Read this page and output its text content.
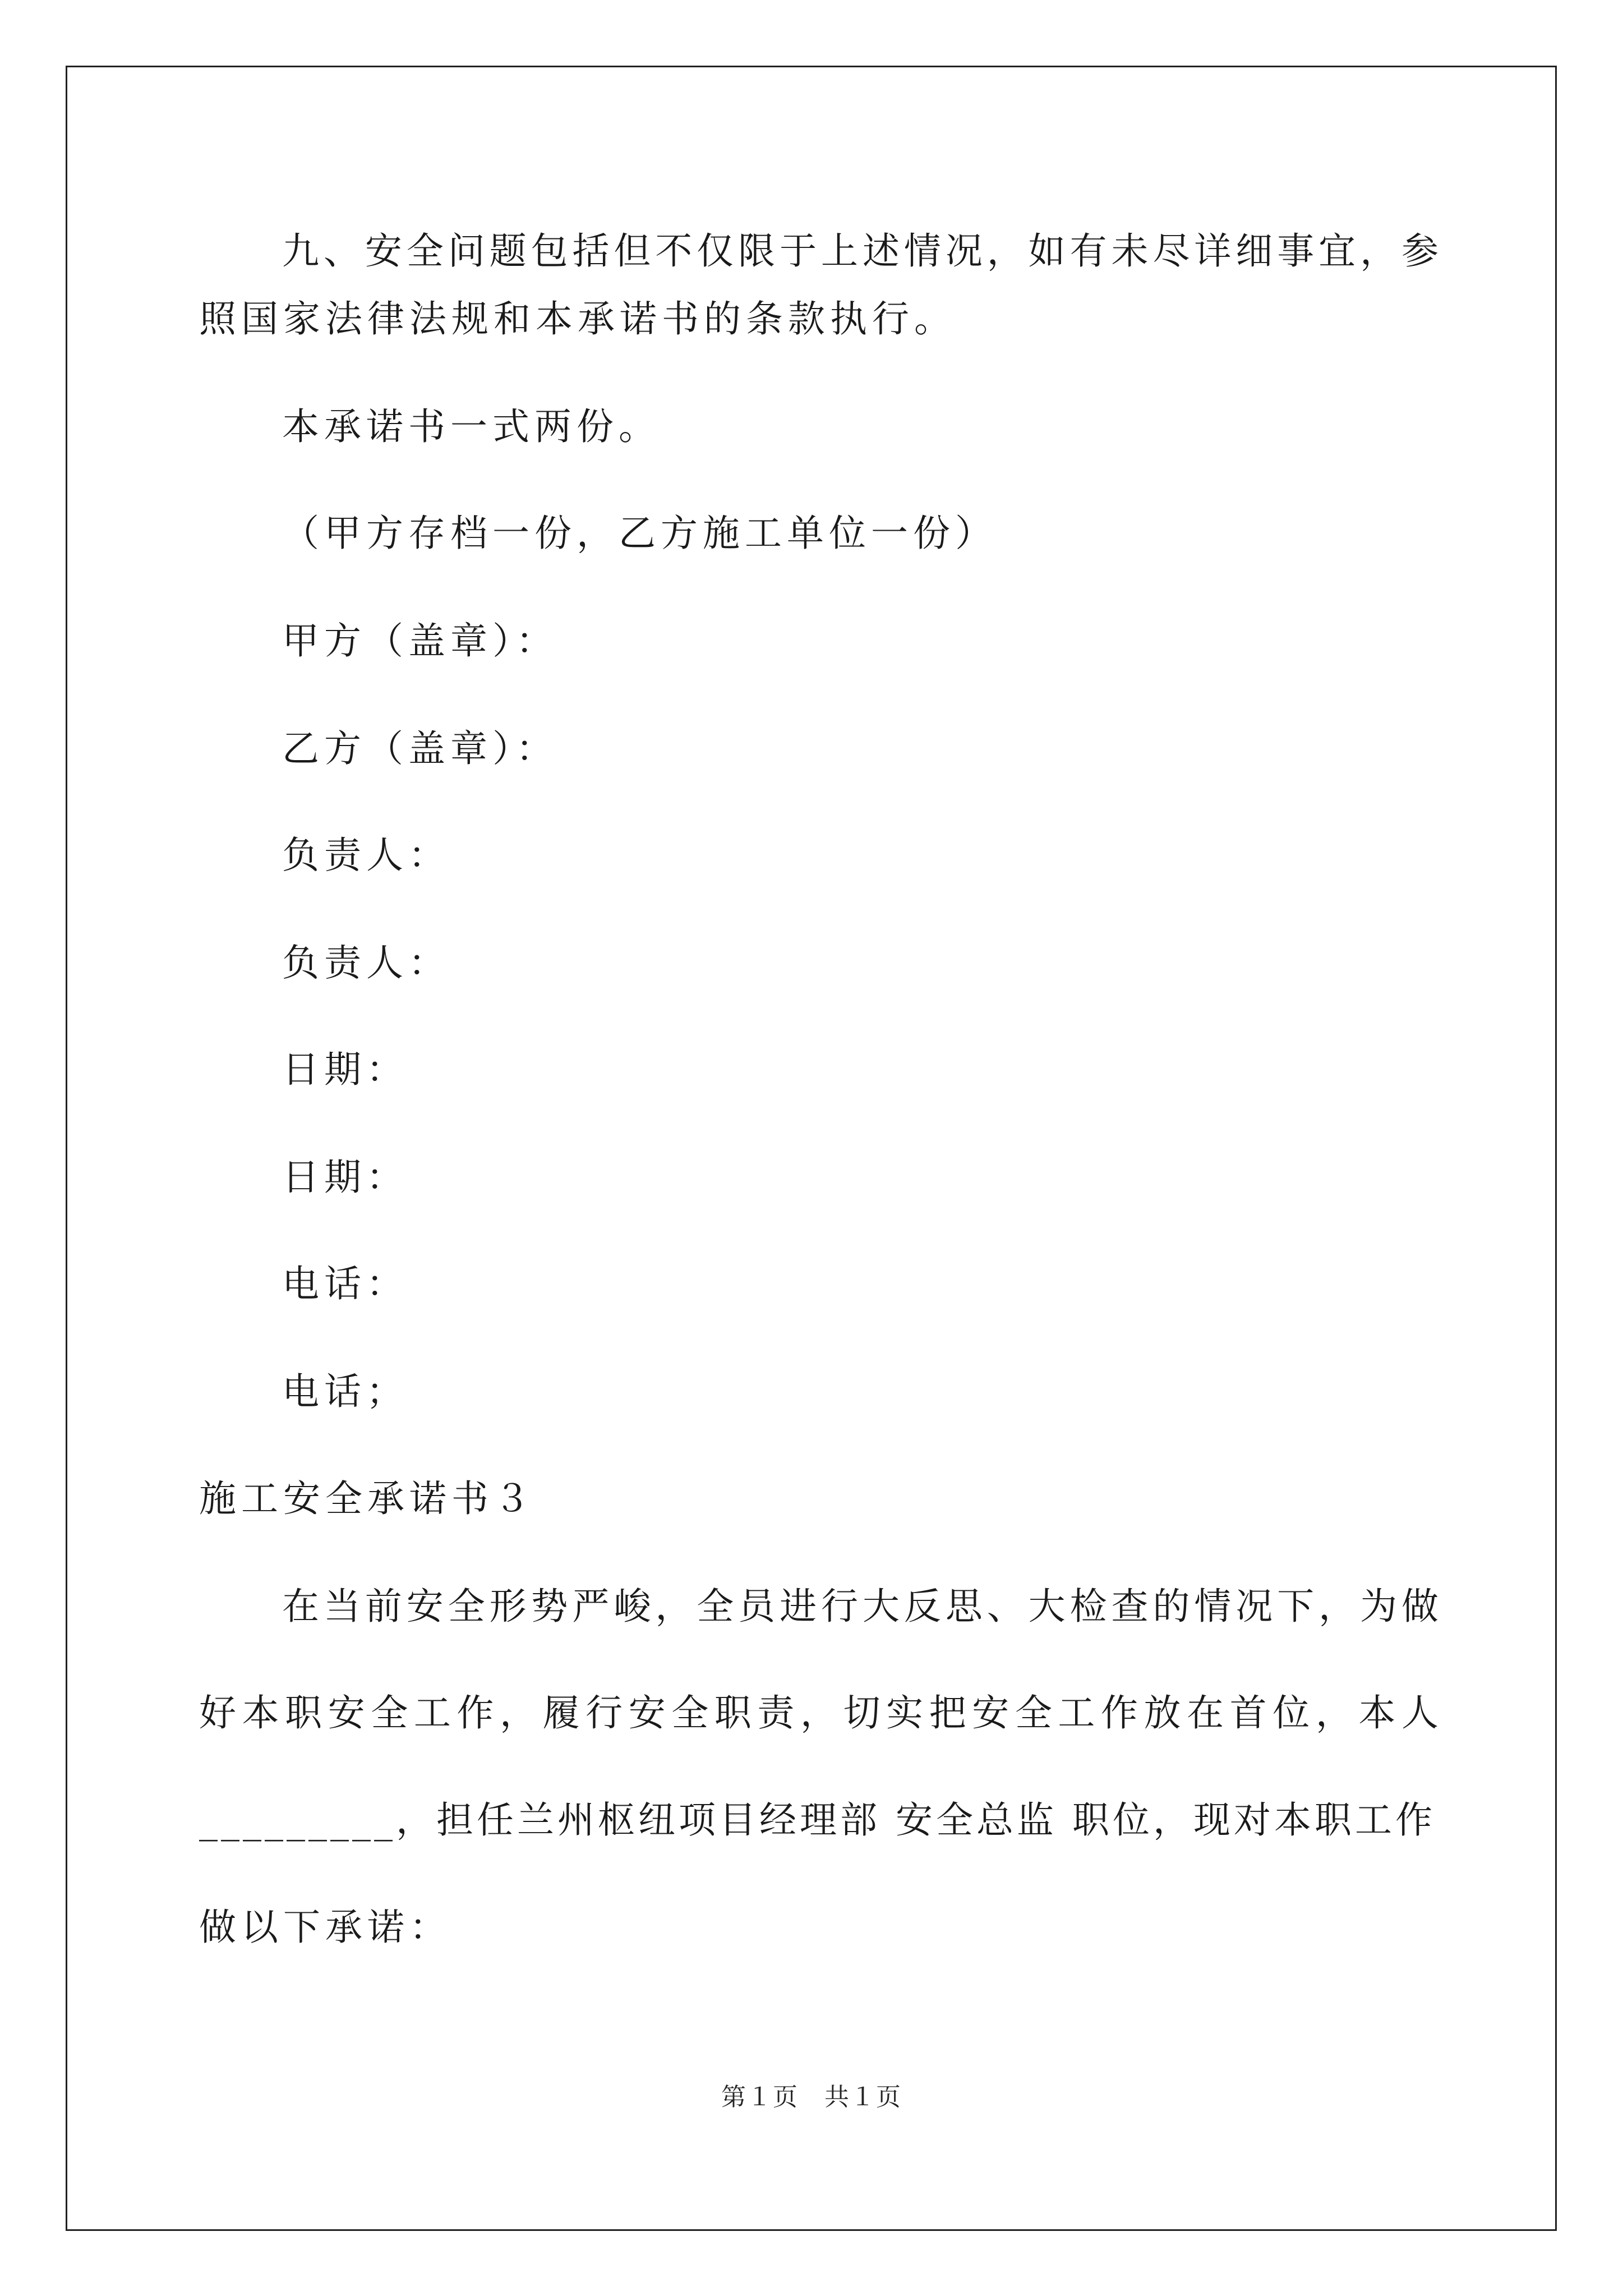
九、安全问题包括但不仅限于上述情况，如有未尽详细事宜，参
照国家法律法规和本承诺书的条款执行。
本承诺书一式两份。
（甲方存档一份，乙方施工单位一份）
甲方（盖章）：
乙方（盖章）：
负责人：
负责人：
日期：
日期：
电话：
电话；
施工安全承诺书３
在当前安全形势严峻，全员进行大反思、大检查的情况下，为做
好本职安全工作，履行安全职责，切实把安全工作放在首位，本人
_________，担任兰州枢纽项目经理部 安全总监 职位，现对本职工作
做以下承诺：
第１页　共１页
